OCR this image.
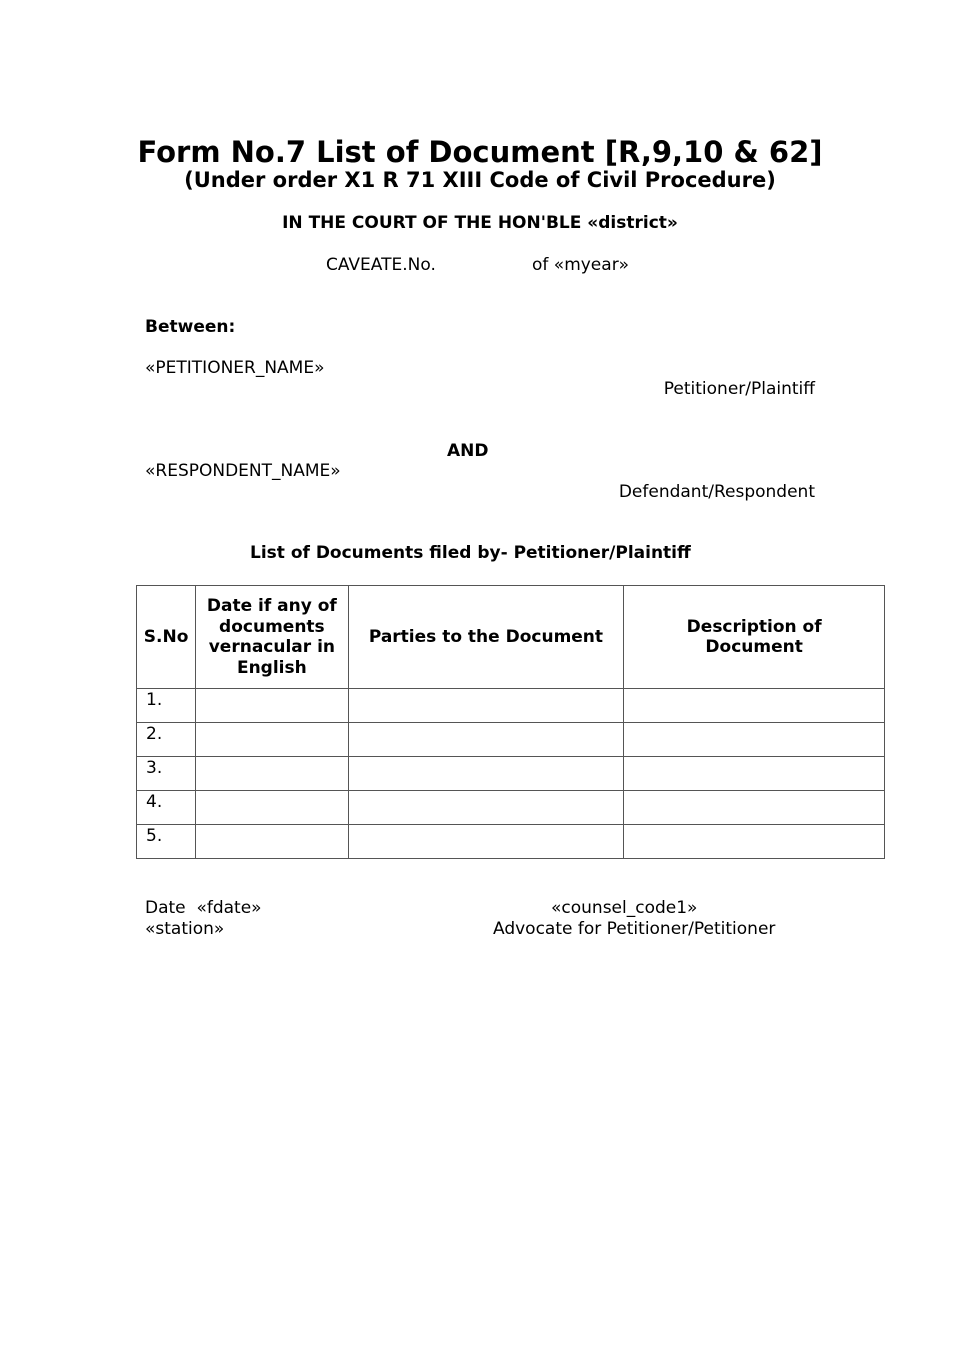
Form No.7 List of Document [R,9,10 & 62]
(Under order X1 R 71 XIII Code of Civil Procedure)
IN THE COURT OF THE HON'BLE «district»
CAVEATE.No.	of «myear»
Between:
«PETITIONER_NAME»
Petitioner/Plaintiff
AND
«RESPONDENT_NAME»
Defendant/Respondent
List of Documents filed by- Petitioner/Plaintiff
S.No	Date if any of documents vernacular in English	Parties to the Document	Description of Document
1.			
2.			
3.			
4.			
5.			
Date  «fdate»
«station»
«counsel_code1»
Advocate for Petitioner/Petitioner
